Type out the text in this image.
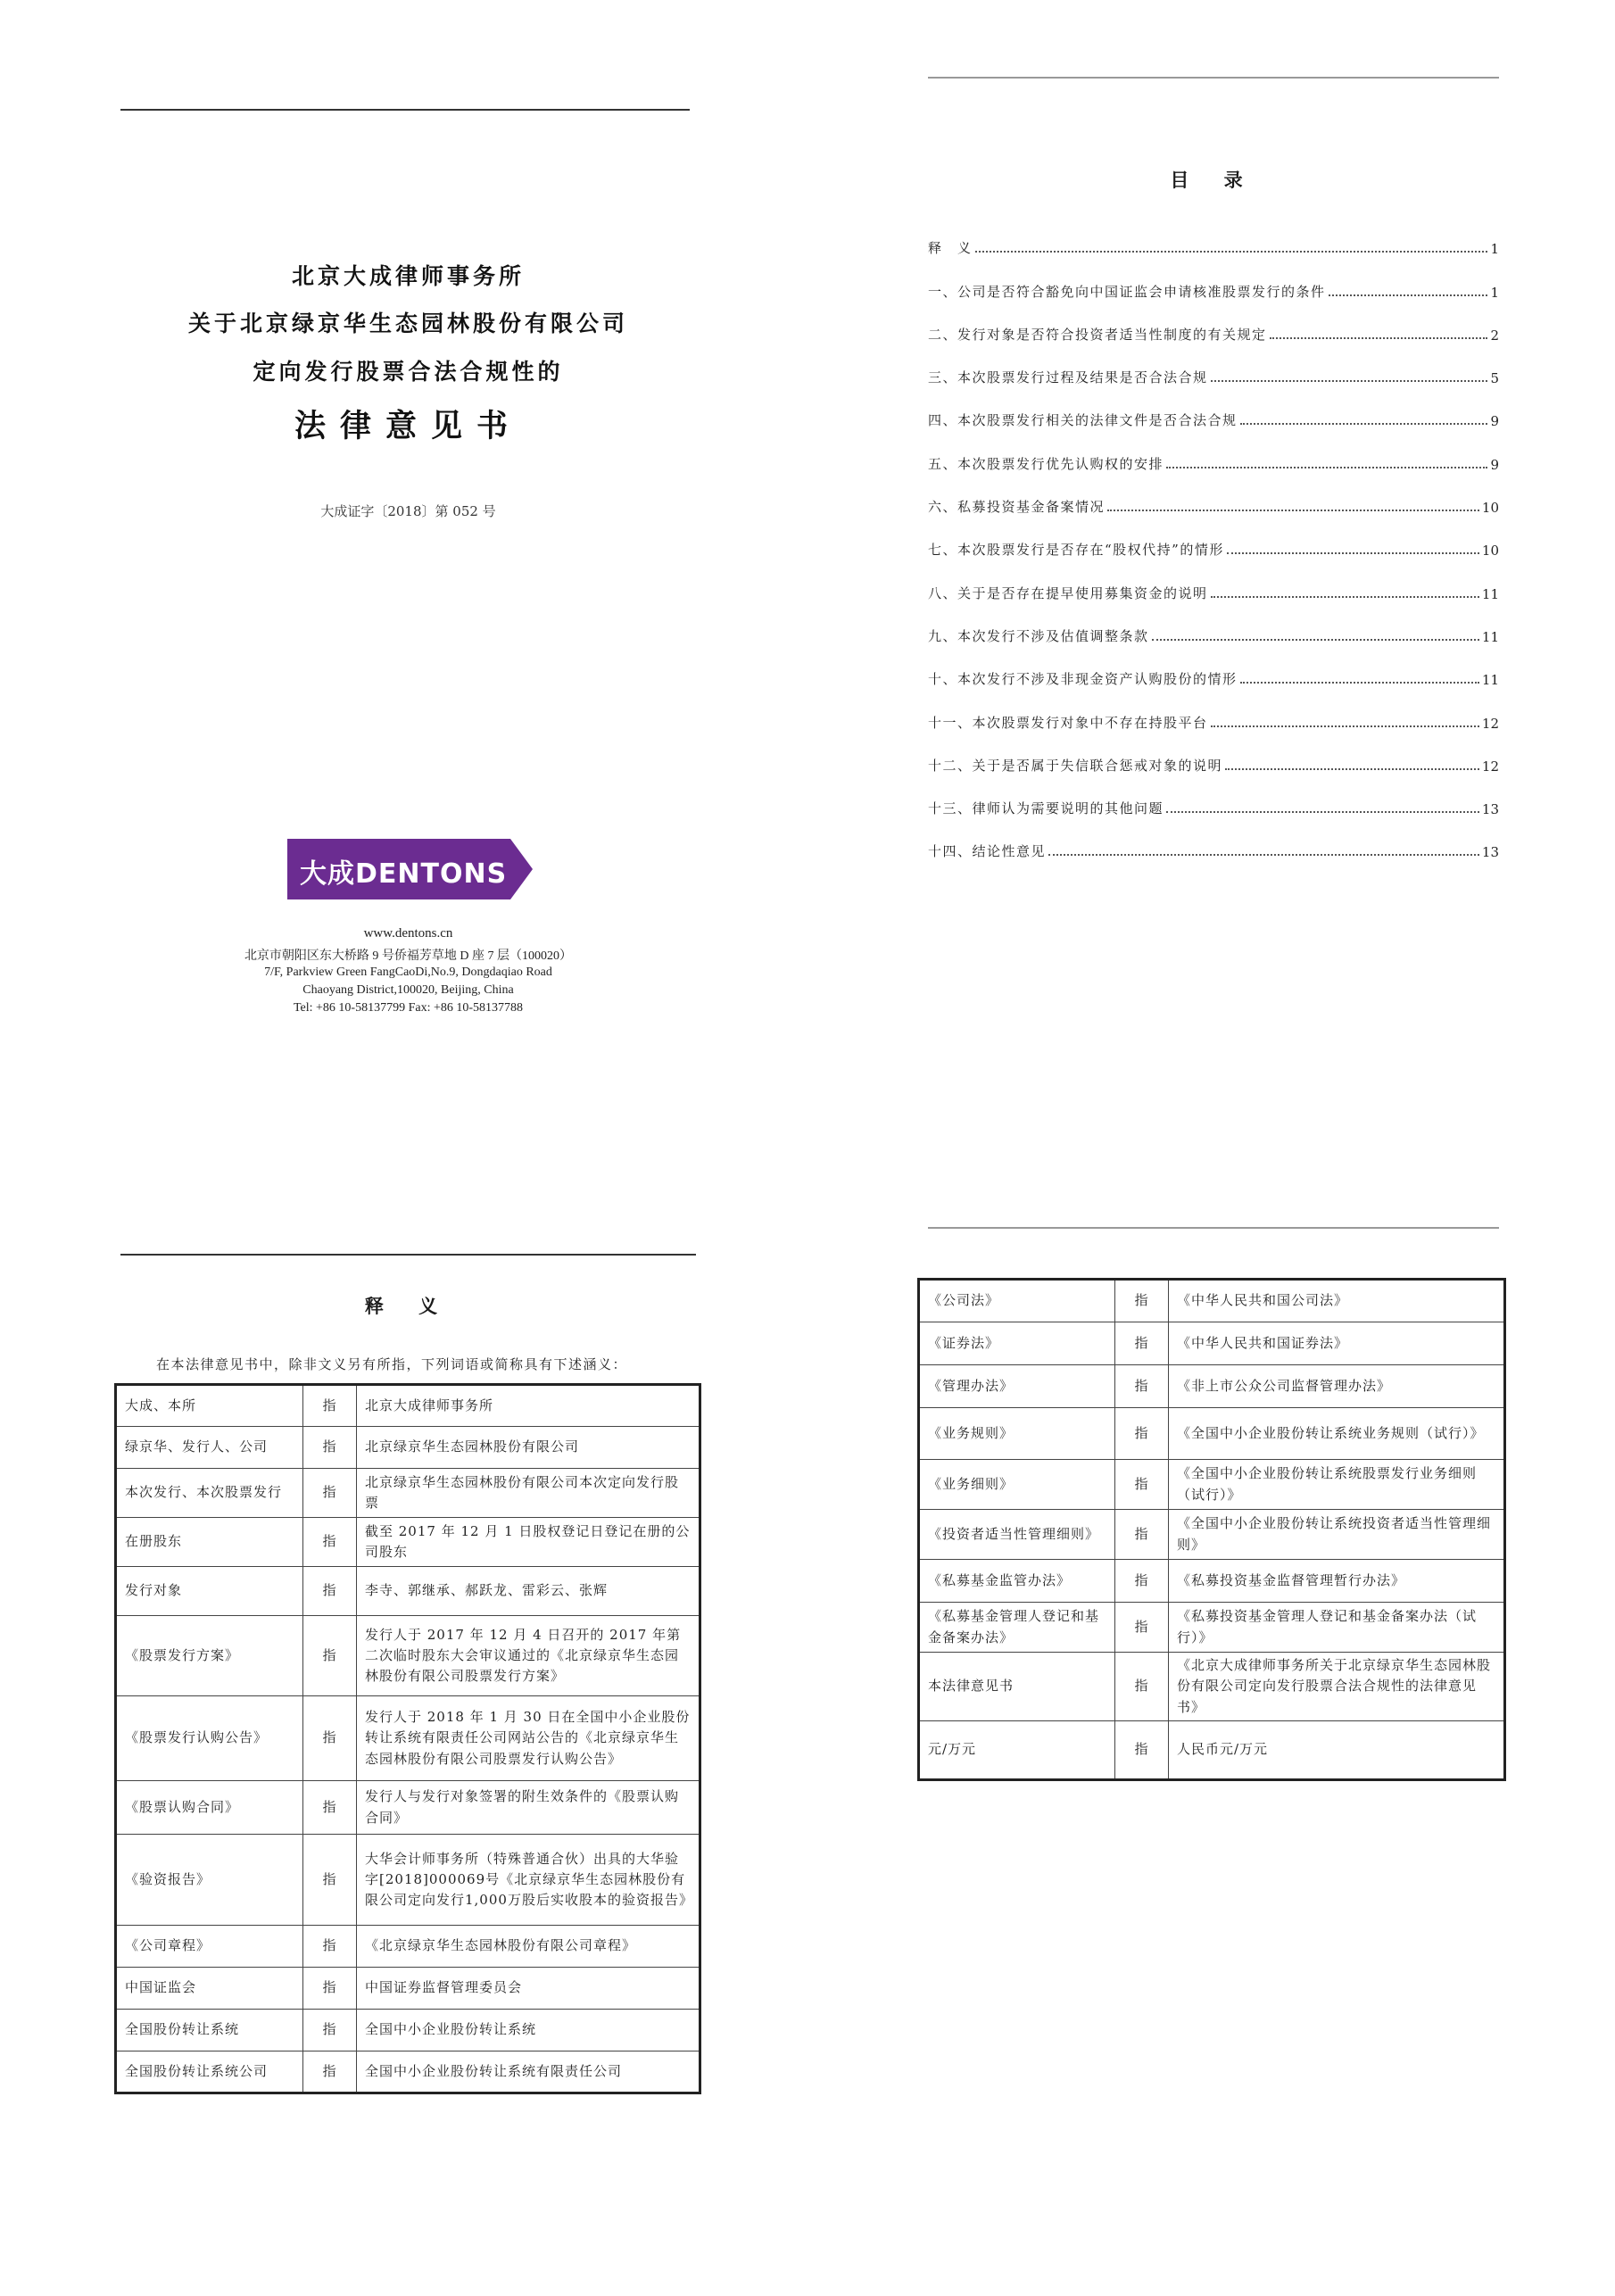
北京大成律师事务所
关于北京绿京华生态园林股份有限公司
定向发行股票合法合规性的
法律意见书
大成证字〔2018〕第 052 号
大成DENTONS
www.dentons.cn
北京市朝阳区东大桥路 9 号侨福芳草地 D 座 7 层（100020）
7/F, Parkview Green FangCaoDi,No.9, Dongdaqiao Road
Chaoyang District,100020, Beijing, China
Tel: +86 10-58137799 Fax: +86 10-58137788
目 录
释　义	1
一、公司是否符合豁免向中国证监会申请核准股票发行的条件	1
二、发行对象是否符合投资者适当性制度的有关规定	2
三、本次股票发行过程及结果是否合法合规	5
四、本次股票发行相关的法律文件是否合法合规	9
五、本次股票发行优先认购权的安排	9
六、私募投资基金备案情况	10
七、本次股票发行是否存在“股权代持”的情形	10
八、关于是否存在提早使用募集资金的说明	11
九、本次发行不涉及估值调整条款	11
十、本次发行不涉及非现金资产认购股份的情形	11
十一、本次股票发行对象中不存在持股平台	12
十二、关于是否属于失信联合惩戒对象的说明	12
十三、律师认为需要说明的其他问题	13
十四、结论性意见	13
释 义
在本法律意见书中，除非文义另有所指，下列词语或简称具有下述涵义：
大成、本所	指	北京大成律师事务所
绿京华、发行人、公司	指	北京绿京华生态园林股份有限公司
本次发行、本次股票发行	指	北京绿京华生态园林股份有限公司本次定向发行股票
在册股东	指	截至 2017 年 12 月 1 日股权登记日登记在册的公司股东
发行对象	指	李寺、郭继承、郝跃龙、雷彩云、张辉
《股票发行方案》	指	发行人于 2017 年 12 月 4 日召开的 2017 年第二次临时股东大会审议通过的《北京绿京华生态园林股份有限公司股票发行方案》
《股票发行认购公告》	指	发行人于 2018 年 1 月 30 日在全国中小企业股份转让系统有限责任公司网站公告的《北京绿京华生态园林股份有限公司股票发行认购公告》
《股票认购合同》	指	发行人与发行对象签署的附生效条件的《股票认购合同》
《验资报告》	指	大华会计师事务所（特殊普通合伙）出具的大华验字[2018]000069号《北京绿京华生态园林股份有限公司定向发行1,000万股后实收股本的验资报告》
《公司章程》	指	《北京绿京华生态园林股份有限公司章程》
中国证监会	指	中国证券监督管理委员会
全国股份转让系统	指	全国中小企业股份转让系统
全国股份转让系统公司	指	全国中小企业股份转让系统有限责任公司
《公司法》	指	《中华人民共和国公司法》
《证券法》	指	《中华人民共和国证券法》
《管理办法》	指	《非上市公众公司监督管理办法》
《业务规则》	指	《全国中小企业股份转让系统业务规则（试行）》
《业务细则》	指	《全国中小企业股份转让系统股票发行业务细则（试行）》
《投资者适当性管理细则》	指	《全国中小企业股份转让系统投资者适当性管理细则》
《私募基金监管办法》	指	《私募投资基金监督管理暂行办法》
《私募基金管理人登记和基金备案办法》	指	《私募投资基金管理人登记和基金备案办法（试行）》
本法律意见书	指	《北京大成律师事务所关于北京绿京华生态园林股份有限公司定向发行股票合法合规性的法律意见书》
元/万元	指	人民币元/万元
